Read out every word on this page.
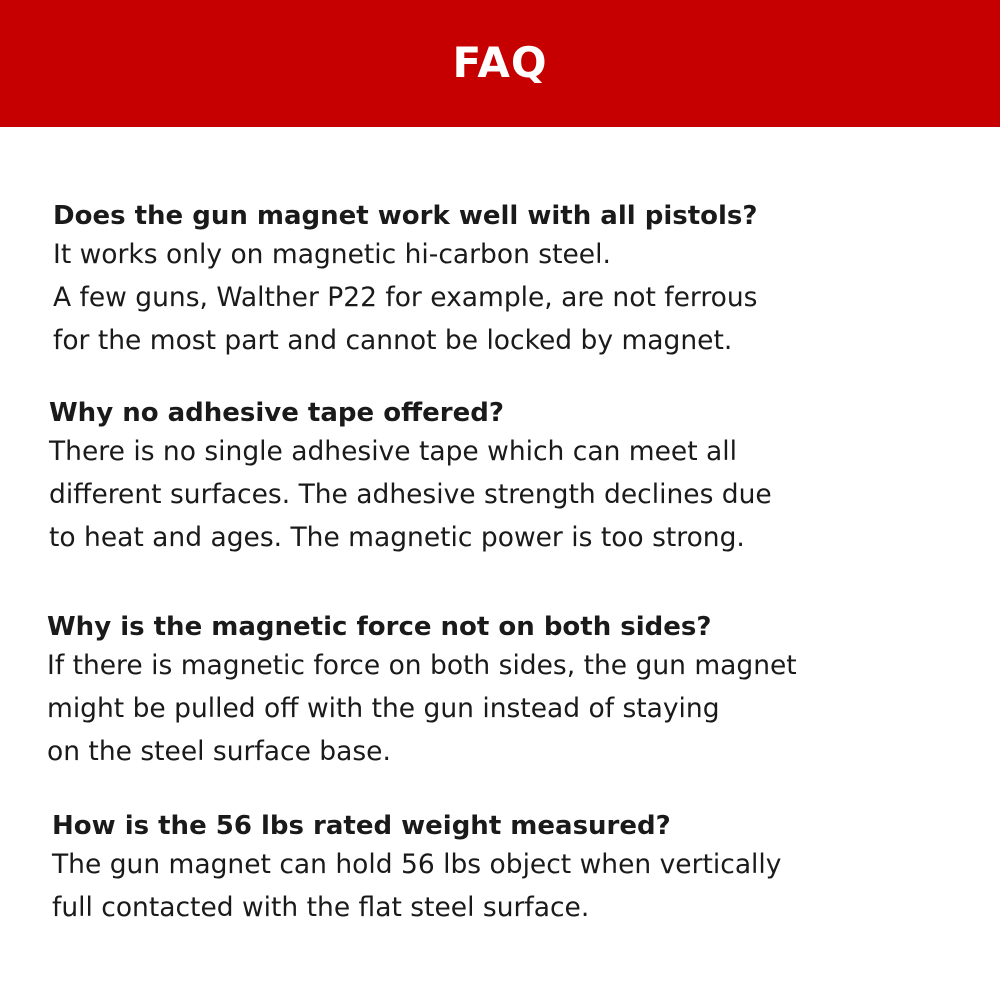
FAQ
Does the gun magnet work well with all pistols?
It works only on magnetic hi-carbon steel.
A few guns, Walther P22 for example, are not ferrous
for the most part and cannot be locked by magnet.
Why no adhesive tape offered?
There is no single adhesive tape which can meet all
different surfaces. The adhesive strength declines due
to heat and ages. The magnetic power is too strong.
Why is the magnetic force not on both sides?
If there is magnetic force on both sides, the gun magnet
might be pulled off with the gun instead of staying
on the steel surface base.
How is the 56 lbs rated weight measured?
The gun magnet can hold 56 lbs object when vertically
full contacted with the flat steel surface.
